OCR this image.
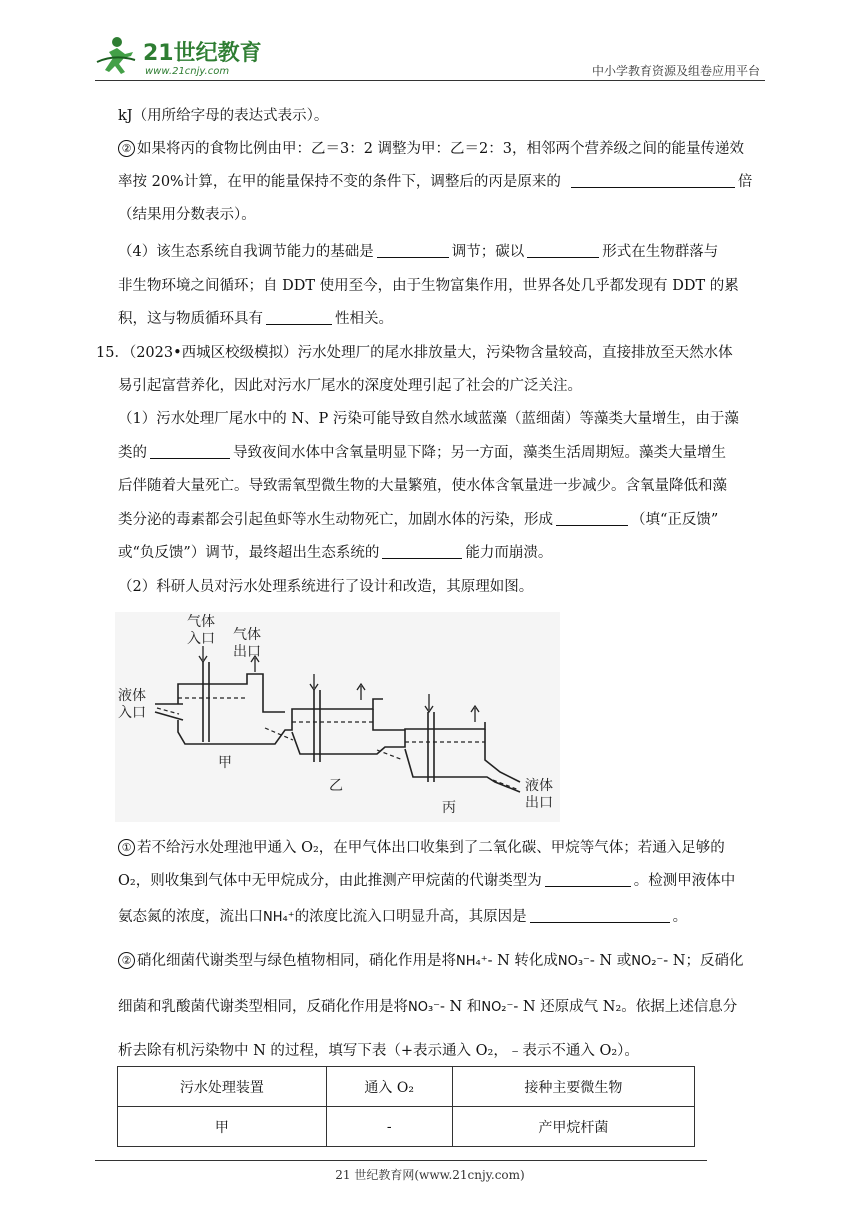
21世纪教育
www.21cnjy.com	中小学教育资源及组卷应用平台
kJ（用所给字母的表达式表示）。
② 如果将丙的食物比例由甲：乙＝3：2 调整为甲：乙＝2：3，相邻两个营养级之间的能量传递效
率按 20%计算，在甲的能量保持不变的条件下，调整后的丙是原来的	倍
（结果用分数表示）。
（4）该生态系统自我调节能力的基础是	调节；碳以	形式在生物群落与
非生物环境之间循环；自 DDT 使用至今，由于生物富集作用，世界各处几乎都发现有 DDT 的累
积，这与物质循环具有	性相关。
15．（2023•西城区校级模拟）污水处理厂的尾水排放量大，污染物含量较高，直接排放至天然水体
易引起富营养化，因此对污水厂尾水的深度处理引起了社会的广泛关注。
（1）污水处理厂尾水中的 N、P 污染可能导致自然水域蓝藻（蓝细菌）等藻类大量增生，由于藻
类的	导致夜间水体中含氧量明显下降；另一方面，藻类生活周期短。藻类大量增生
后伴随着大量死亡。导致需氧型微生物的大量繁殖，使水体含氧量进一步减少。含氧量降低和藻
类分泌的毒素都会引起鱼虾等水生动物死亡，加剧水体的污染，形成	（填“正反馈”
或“负反馈”）调节，最终超出生态系统的	能力而崩溃。
（2）科研人员对污水处理系统进行了设计和改造，其原理如图。
气体
入口 气体
出口
液体
入口
液体
出口
甲
乙
丙
① 若不给污水处理池甲通入 O₂，在甲气体出口收集到了二氧化碳、甲烷等气体；若通入足够的
O₂，则收集到气体中无甲烷成分，由此推测产甲烷菌的代谢类型为	。检测甲液体中
氨态氮的浓度，流出口NH₄⁺的浓度比流入口明显升高，其原因是	。
② 硝化细菌代谢类型与绿色植物相同，硝化作用是将NH₄⁺- N 转化成NO₃⁻- N 或NO₂⁻- N；反硝化
细菌和乳酸菌代谢类型相同，反硝化作用是将NO₃⁻- N 和NO₂⁻- N 还原成气 N₂。依据上述信息分
析去除有机污染物中 N 的过程，填写下表（+表示通入 O₂，﹣表示不通入 O₂）。
污水处理装置	通入 O₂	接种主要微生物
甲	-	产甲烷杆菌
21 世纪教育网(www.21cnjy.com)
